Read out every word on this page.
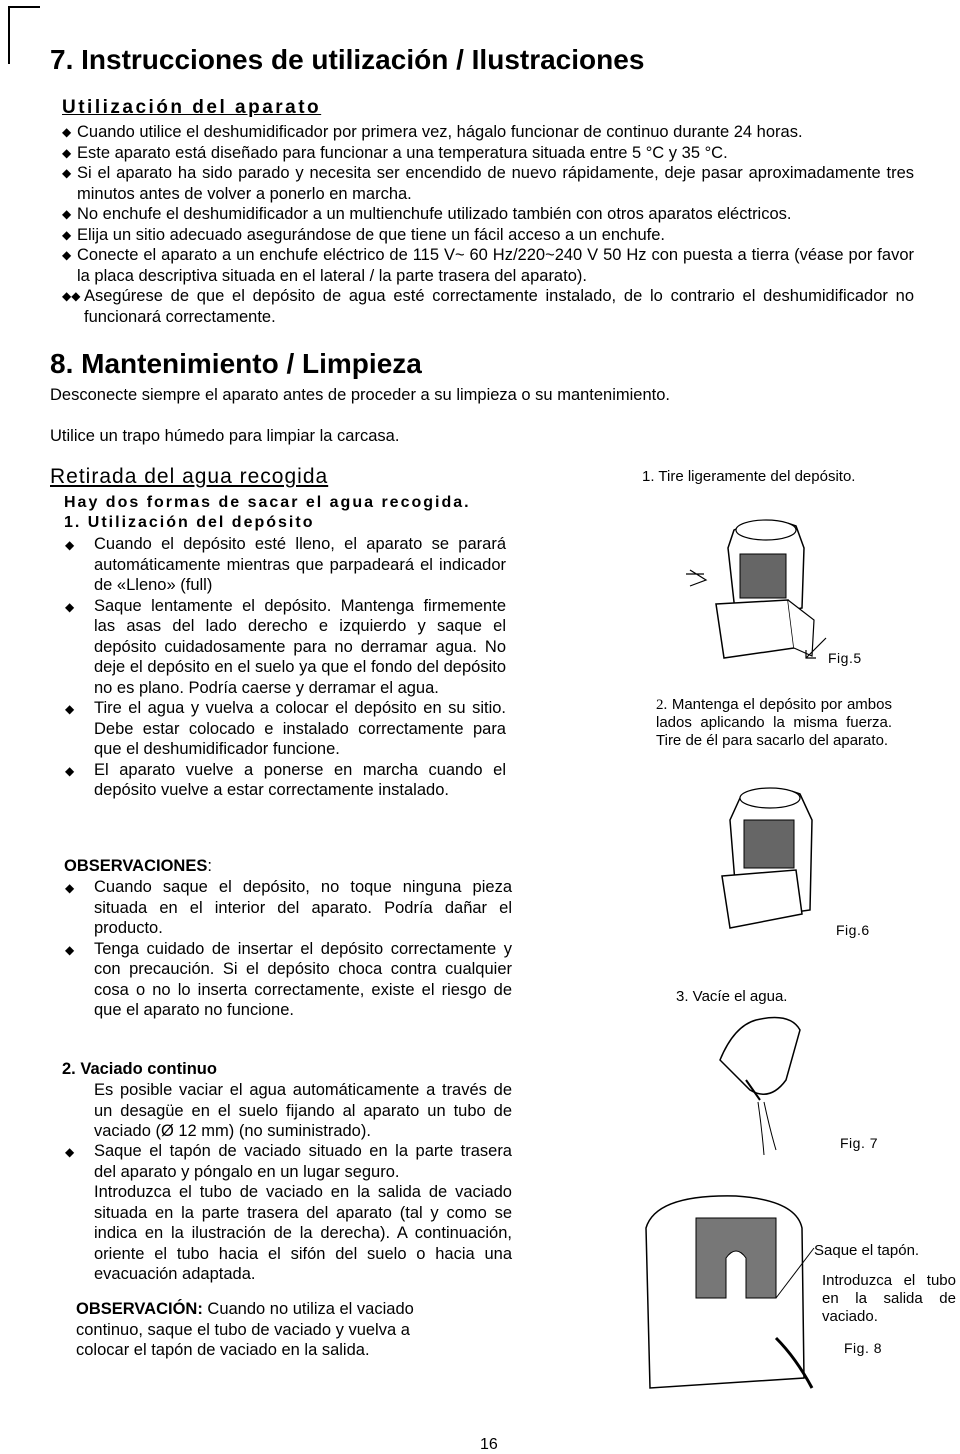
7. Instrucciones de utilización / Ilustraciones
Utilización del aparato
◆ Cuando utilice el deshumidificador por primera vez, hágalo funcionar de continuo durante 24 horas.
◆ Este aparato está diseñado para funcionar a una temperatura situada entre 5 °C y 35 °C.
◆ Si el aparato ha sido parado y necesita ser encendido de nuevo rápidamente, deje pasar aproximadamente tres minutos antes de volver a ponerlo en marcha.
◆ No enchufe el deshumidificador a un multienchufe utilizado también con otros aparatos eléctricos.
◆ Elija un sitio adecuado asegurándose de que tiene un fácil acceso a un enchufe.
◆ Conecte el aparato a un enchufe eléctrico de 115 V~ 60 Hz/220~240 V 50 Hz con puesta a tierra (véase por favor la placa descriptiva situada en el lateral / la parte trasera del aparato).
◆◆ Asegúrese de que el depósito de agua esté correctamente instalado, de lo contrario el deshumidificador no funcionará correctamente.
8. Mantenimiento / Limpieza
Desconecte siempre el aparato antes de proceder a su limpieza o su mantenimiento.
Utilice un trapo húmedo para limpiar la carcasa.
Retirada del agua recogida
Hay dos formas de sacar el agua recogida.
1. Utilización del depósito
◆ Cuando el depósito esté lleno, el aparato se parará automáticamente mientras que parpadeará el indicador de «Lleno» (full)
◆ Saque lentamente el depósito. Mantenga firmemente las asas del lado derecho e izquierdo y saque el depósito cuidadosamente para no derramar agua. No deje el depósito en el suelo ya que el fondo del depósito no es plano. Podría caerse y derramar el agua.
◆ Tire el agua y vuelva a colocar el depósito en su sitio. Debe estar colocado e instalado correctamente para que el deshumidificador funcione.
◆ El aparato vuelve a ponerse en marcha cuando el depósito vuelve a estar correctamente instalado.
OBSERVACIONES:
◆ Cuando saque el depósito, no toque ninguna pieza situada en el interior del aparato. Podría dañar el producto.
◆ Tenga cuidado de insertar el depósito correctamente y con precaución. Si el depósito choca contra cualquier cosa o no lo inserta correctamente, existe el riesgo de que el aparato no funcione.
2. Vaciado continuo
Es posible vaciar el agua automáticamente a través de un desagüe en el suelo fijando al aparato un tubo de vaciado (Ø 12 mm) (no suministrado).
◆ Saque el tapón de vaciado situado en la parte trasera del aparato y póngalo en un lugar seguro.
Introduzca el tubo de vaciado en la salida de vaciado situada en la parte trasera del aparato (tal y como se indica en la ilustración de la derecha). A continuación, oriente el tubo hacia el sifón del suelo o hacia una evacuación adaptada.
OBSERVACIÓN: Cuando no utiliza el vaciado continuo, saque el tubo de vaciado y vuelva a colocar el tapón de vaciado en la salida.
1. Tire ligeramente del depósito.
Fig.5
2. Mantenga el depósito por ambos lados aplicando la misma fuerza. Tire de él para sacarlo del aparato.
Fig.6
3. Vacíe el agua.
Fig. 7
Saque el tapón.
Introduzca el tubo en la salida de vaciado.
Fig. 8
16
